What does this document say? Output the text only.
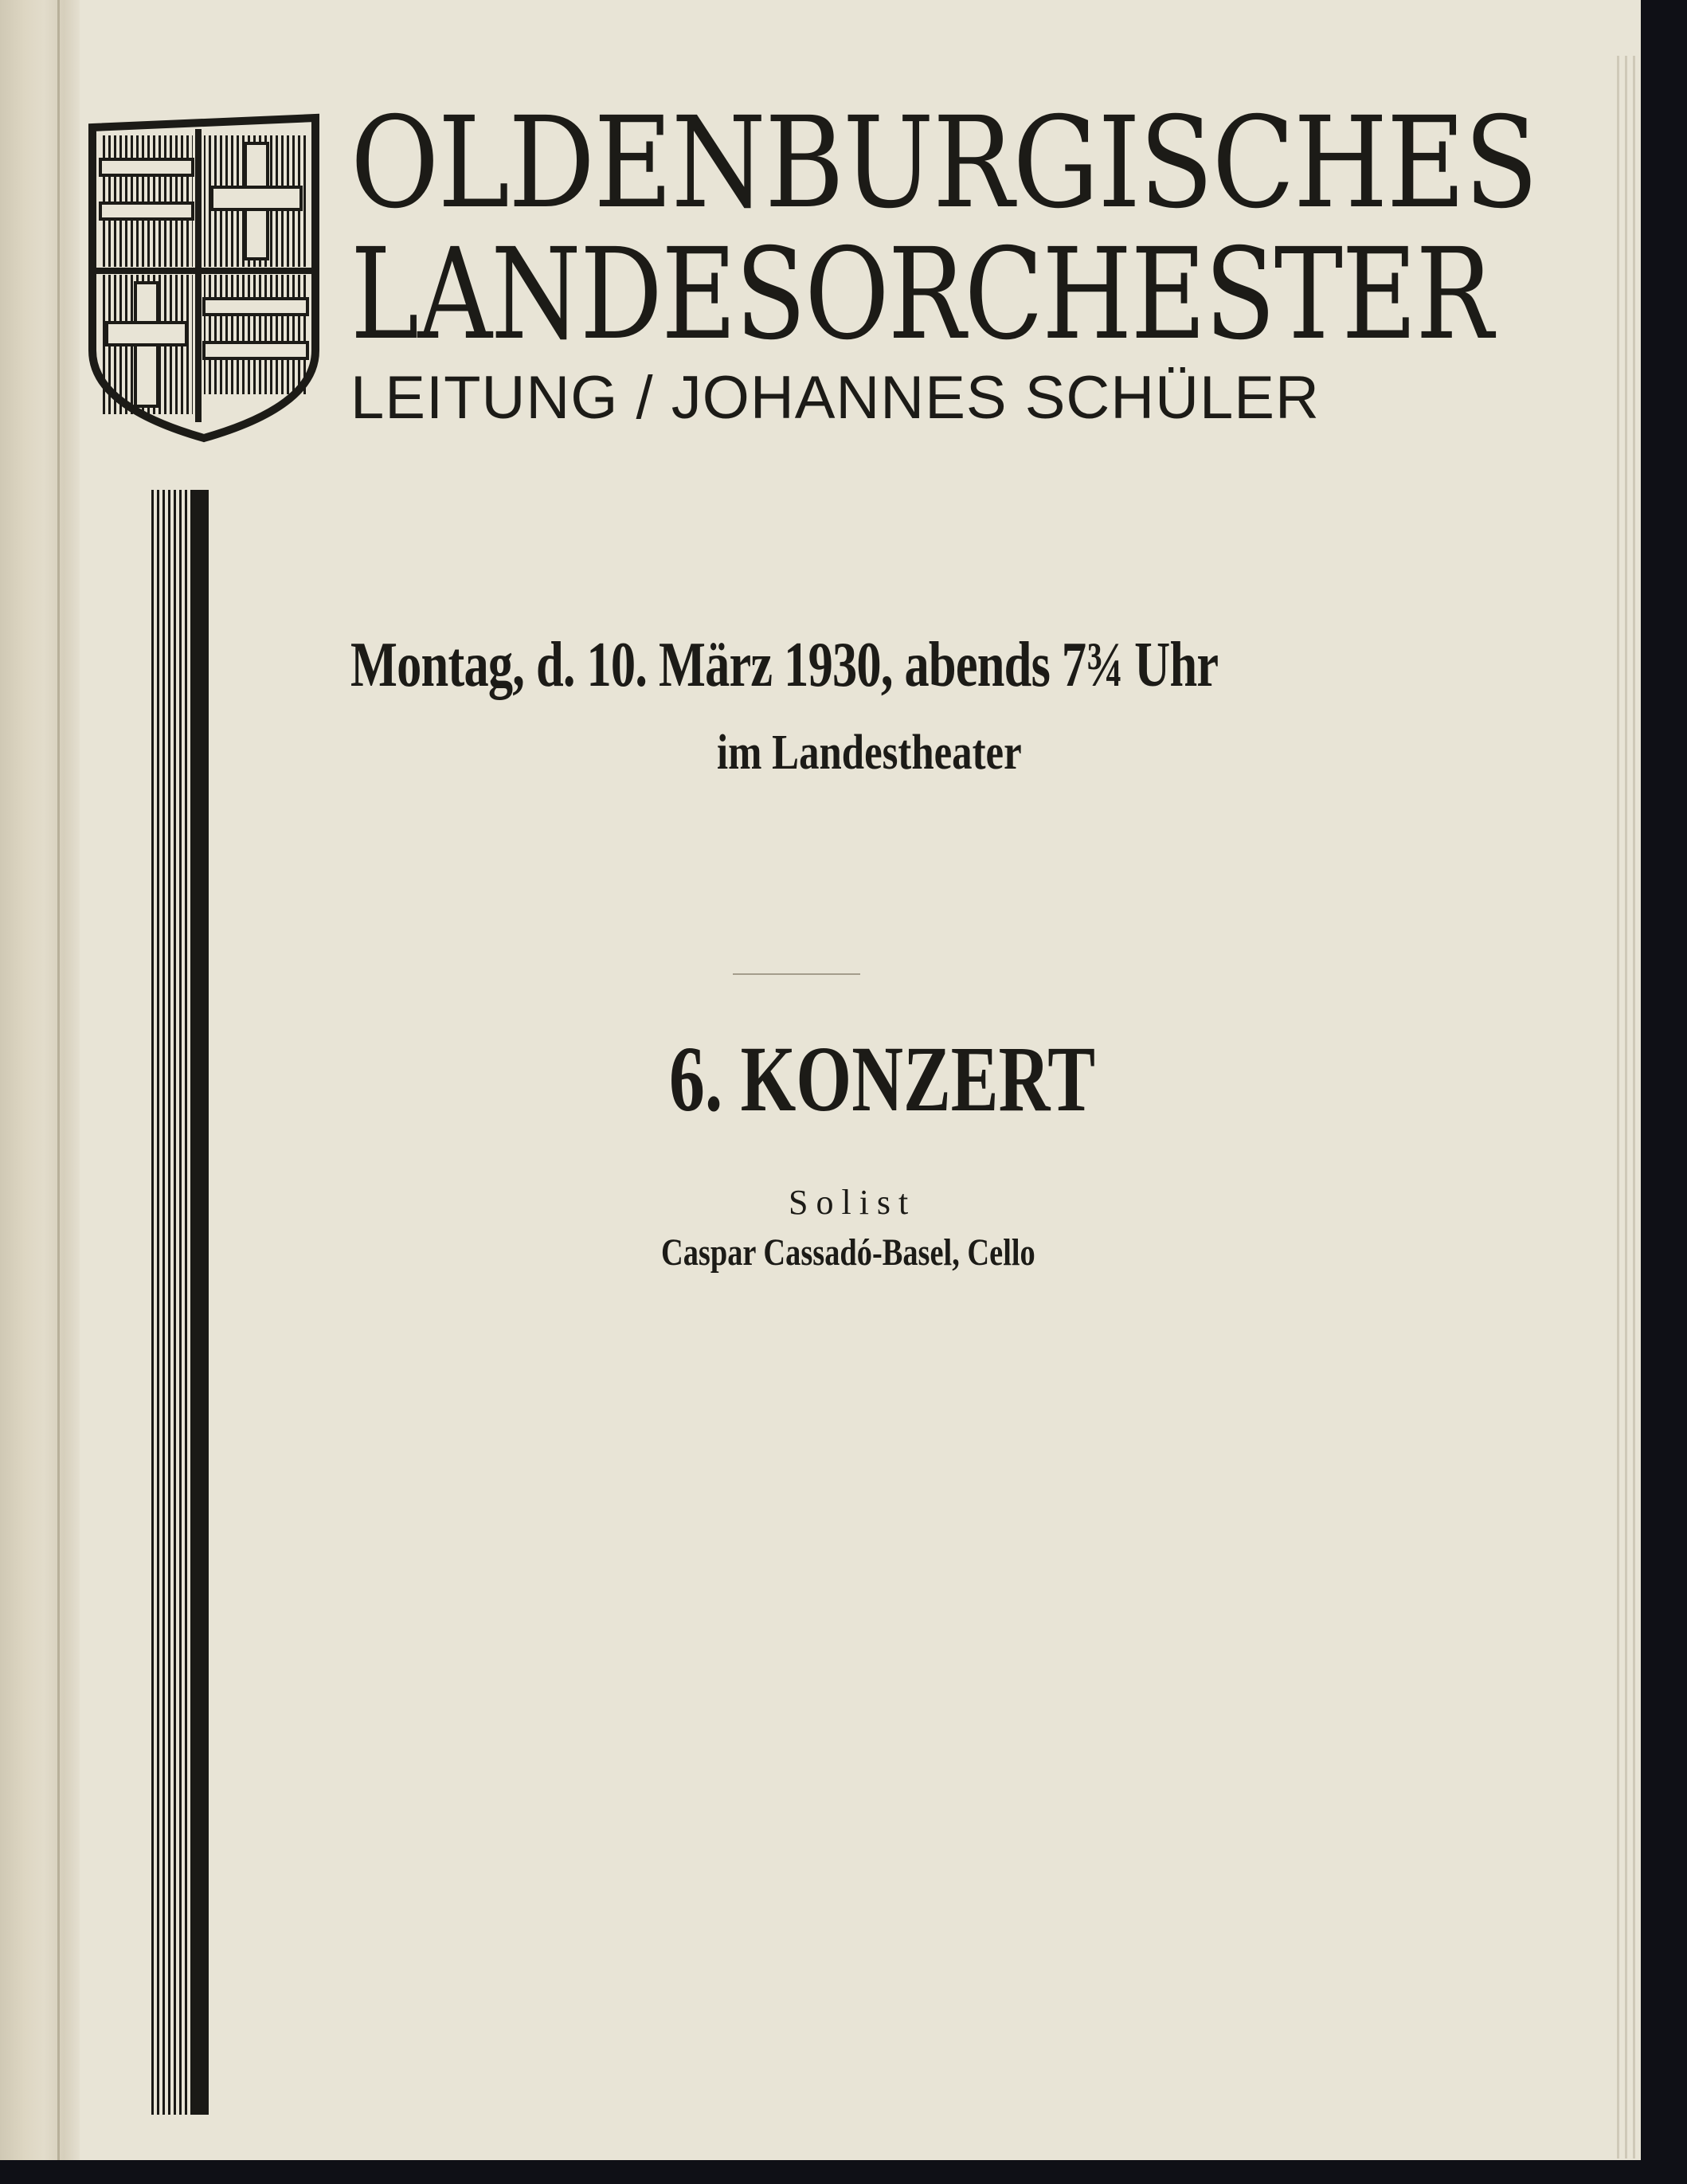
OLDENBURGISCHES
LANDESORCHESTER
LEITUNG / JOHANNES SCHÜLER
Montag, d. 10. März 1930, abends 7¾ Uhr
im Landestheater
6. KONZERT
Solist
Caspar Cassadó-Basel, Cello
